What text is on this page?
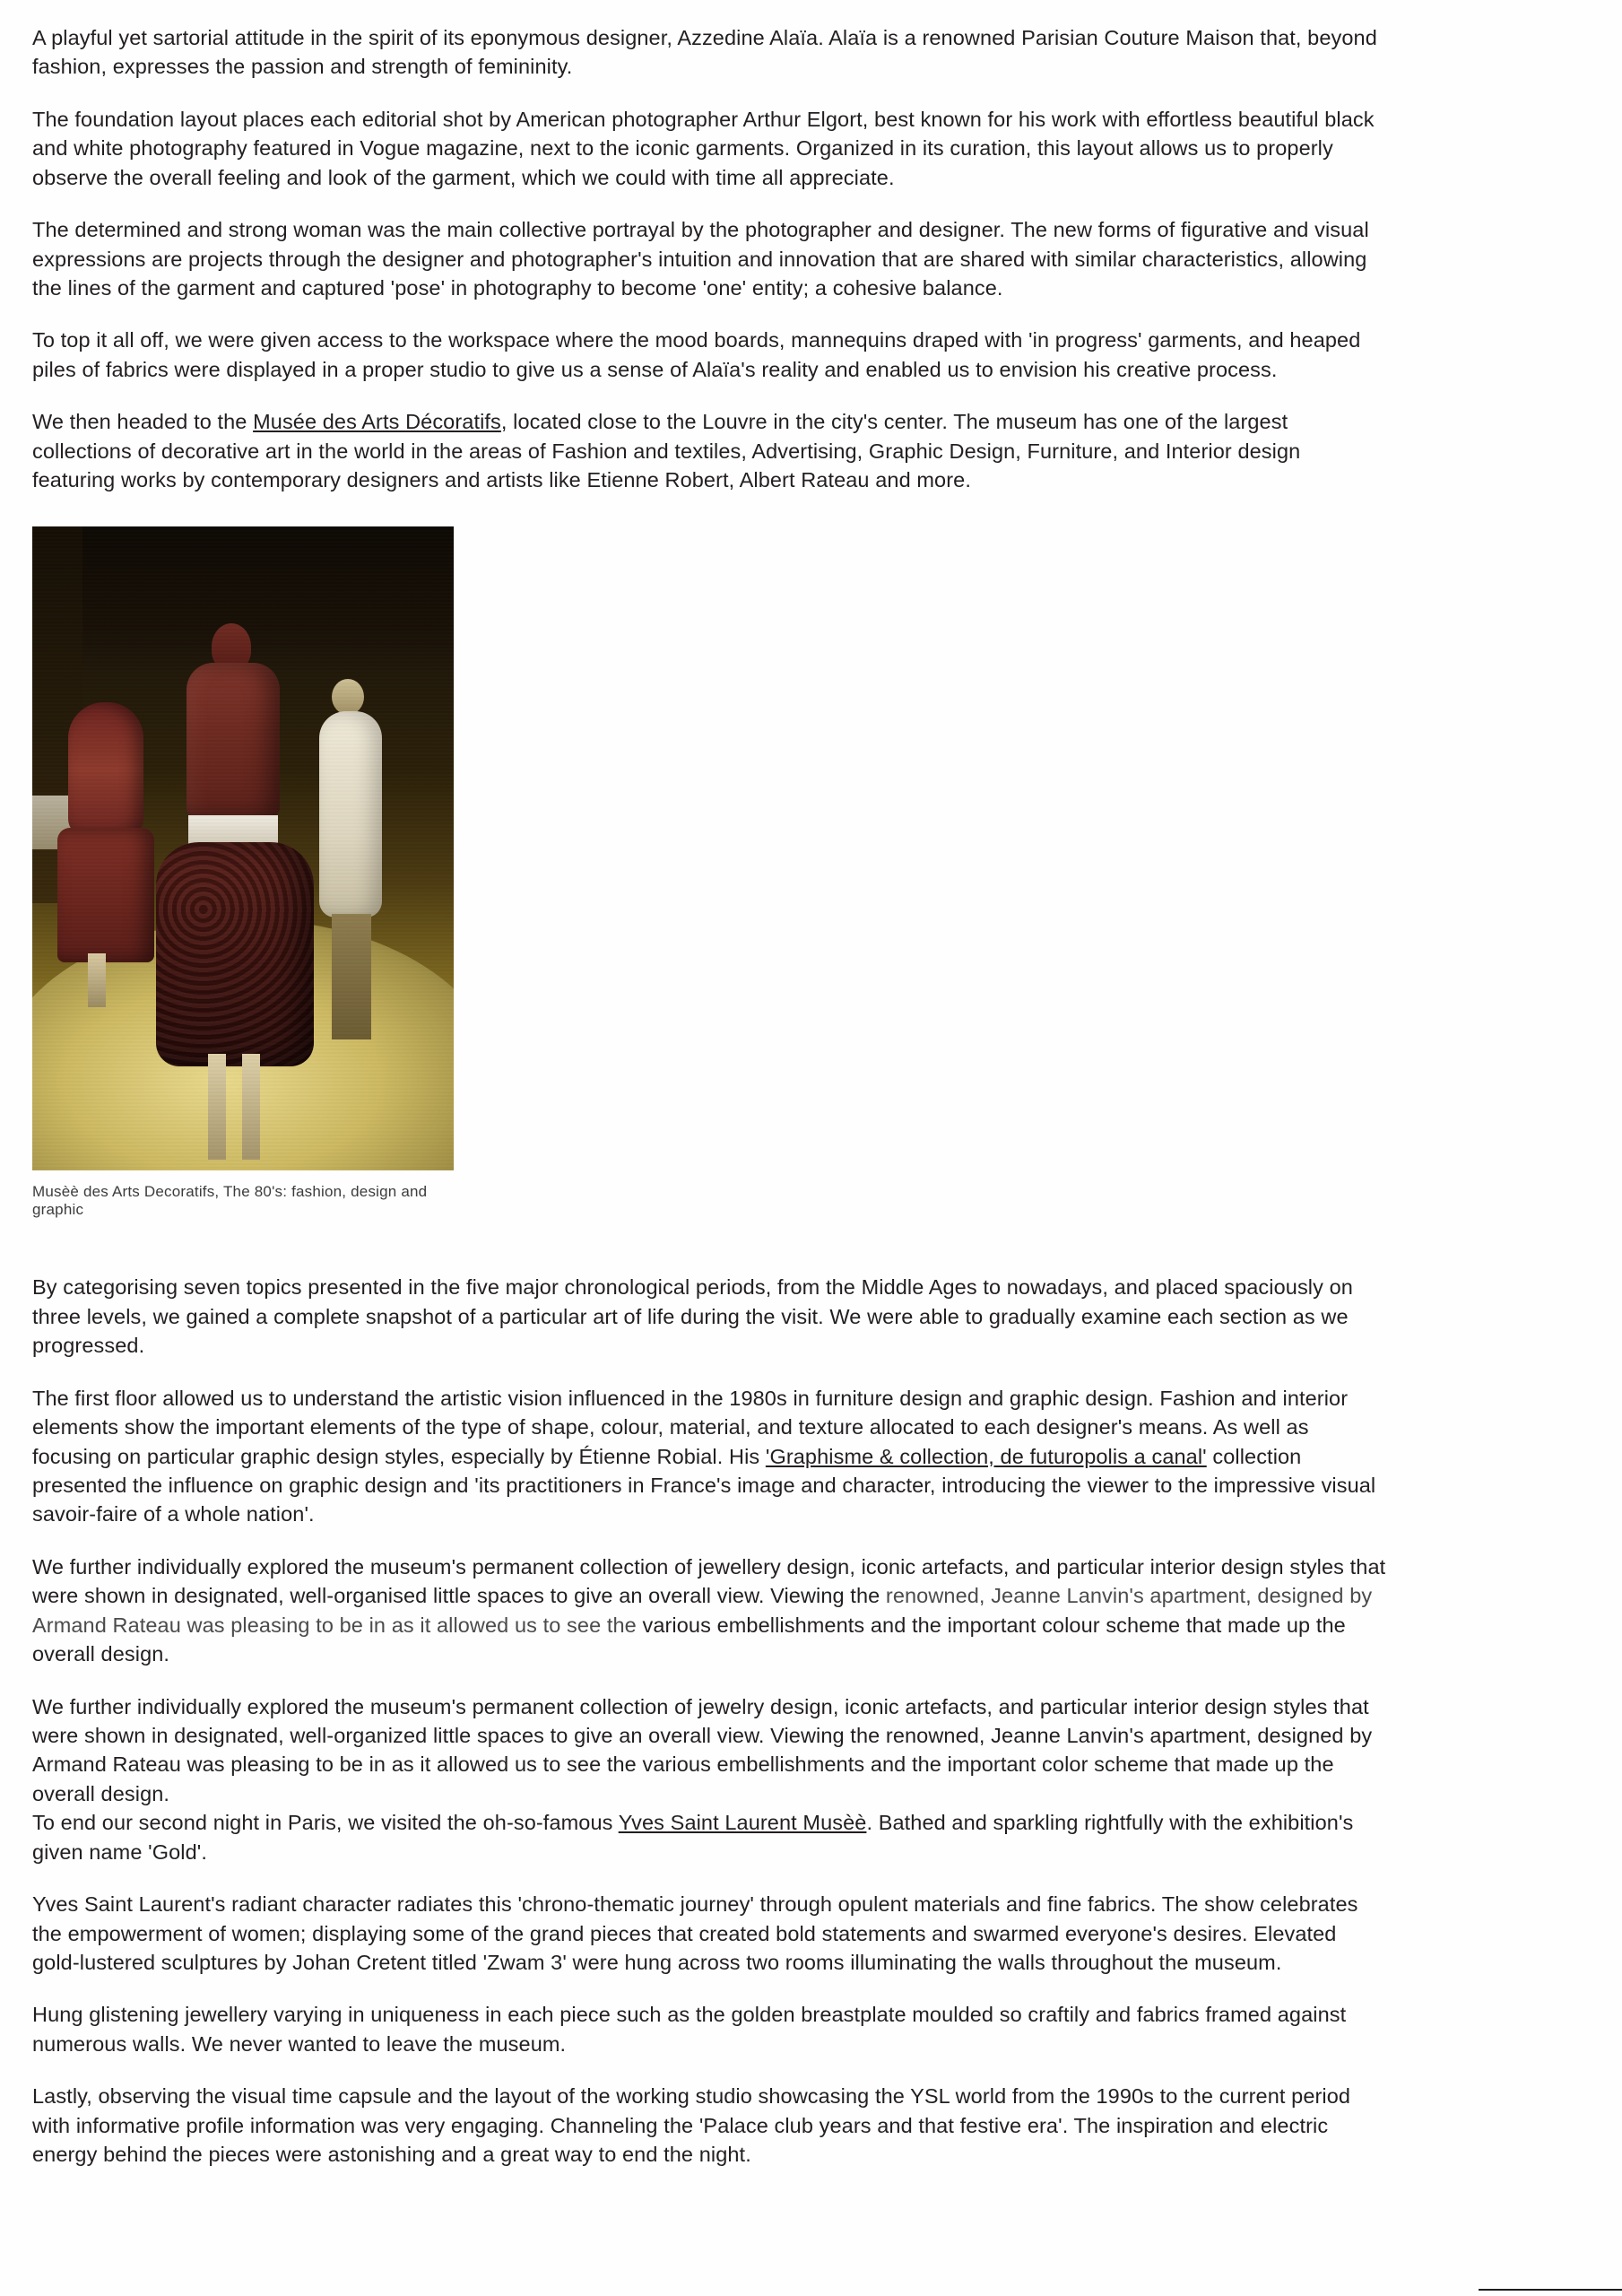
A playful yet sartorial attitude in the spirit of its eponymous designer, Azzedine Alaïa. Alaïa is a renowned Parisian Couture Maison that, beyond fashion, expresses the passion and strength of femininity.

The foundation layout places each editorial shot by American photographer Arthur Elgort, best known for his work with effortless beautiful black and white photography featured in Vogue magazine, next to the iconic garments. Organized in its curation, this layout allows us to properly observe the overall feeling and look of the garment, which we could with time all appreciate.

The determined and strong woman was the main collective portrayal by the photographer and designer. The new forms of figurative and visual expressions are projects through the designer and photographer's intuition and innovation that are shared with similar characteristics, allowing the lines of the garment and captured 'pose' in photography to become 'one' entity; a cohesive balance.

To top it all off, we were given access to the workspace where the mood boards, mannequins draped with 'in progress' garments, and heaped piles of fabrics were displayed in a proper studio to give us a sense of Alaïa's reality and enabled us to envision his creative process.

We then headed to the Musée des Arts Décoratifs, located close to the Louvre in the city's center. The museum has one of the largest collections of decorative art in the world in the areas of Fashion and textiles, Advertising, Graphic Design, Furniture, and Interior design featuring works by contemporary designers and artists like Etienne Robert, Albert Rateau and more.

Musèè des Arts Decoratifs, The 80's: fashion, design and graphic

By categorising seven topics presented in the five major chronological periods, from the Middle Ages to nowadays, and placed spaciously on three levels, we gained a complete snapshot of a particular art of life during the visit. We were able to gradually examine each section as we progressed.

The first floor allowed us to understand the artistic vision influenced in the 1980s in furniture design and graphic design. Fashion and interior elements show the important elements of the type of shape, colour, material, and texture allocated to each designer's means. As well as focusing on particular graphic design styles, especially by Étienne Robial. His 'Graphisme & collection, de futuropolis a canal' collection presented the influence on graphic design and 'its practitioners in France's image and character, introducing the viewer to the impressive visual savoir-faire of a whole nation'.

We further individually explored the museum's permanent collection of jewellery design, iconic artefacts, and particular interior design styles that were shown in designated, well-organised little spaces to give an overall view. Viewing the renowned, Jeanne Lanvin's apartment, designed by Armand Rateau was pleasing to be in as it allowed us to see the various embellishments and the important colour scheme that made up the overall design.

We further individually explored the museum's permanent collection of jewelry design, iconic artefacts, and particular interior design styles that were shown in designated, well-organized little spaces to give an overall view. Viewing the renowned, Jeanne Lanvin's apartment, designed by Armand Rateau was pleasing to be in as it allowed us to see the various embellishments and the important color scheme that made up the overall design.

To end our second night in Paris, we visited the oh-so-famous Yves Saint Laurent Musèè. Bathed and sparkling rightfully with the exhibition's given name 'Gold'.

Yves Saint Laurent's radiant character radiates this 'chrono-thematic journey' through opulent materials and fine fabrics. The show celebrates the empowerment of women; displaying some of the grand pieces that created bold statements and swarmed everyone's desires. Elevated gold-lustered sculptures by Johan Cretent titled 'Zwam 3' were hung across two rooms illuminating the walls throughout the museum.

Hung glistening jewellery varying in uniqueness in each piece such as the golden breastplate moulded so craftily and fabrics framed against numerous walls. We never wanted to leave the museum.

Lastly, observing the visual time capsule and the layout of the working studio showcasing the YSL world from the 1990s to the current period with informative profile information was very engaging. Channeling the 'Palace club years and that festive era'. The inspiration and electric energy behind the pieces were astonishing and a great way to end the night.
